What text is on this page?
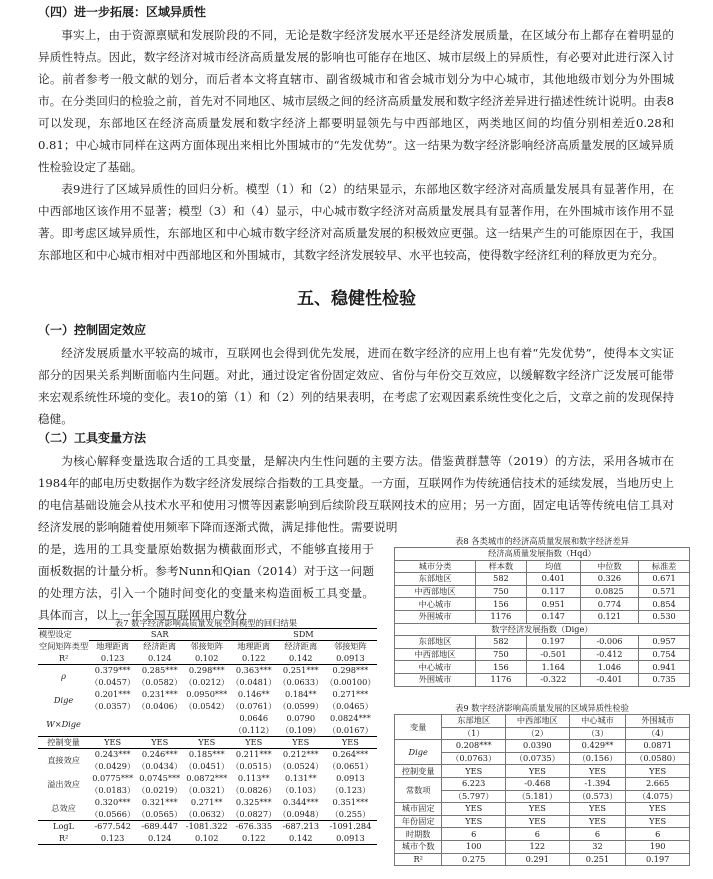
（四）进一步拓展：区域异质性
事实上，由于资源禀赋和发展阶段的不同，无论是数字经济发展水平还是经济发展质量，在区域分布上都存在着明显的异质性特点。因此，数字经济对城市经济高质量发展的影响也可能存在地区、城市层级上的异质性，有必要对此进行深入讨论。前者参考一般文献的划分，而后者本文将直辖市、副省级城市和省会城市划分为中心城市，其他地级市划分为外围城市。在分类回归的检验之前，首先对不同地区、城市层级之间的经济高质量发展和数字经济差异进行描述性统计说明。由表8可以发现，东部地区在经济高质量发展和数字经济上都要明显领先与中西部地区，两类地区间的均值分别相差近0.28和0.81；中心城市同样在这两方面体现出来相比外围城市的“先发优势”。这一结果为数字经济影响经济高质量发展的区域异质性检验设定了基础。
表9进行了区域异质性的回归分析。模型（1）和（2）的结果显示，东部地区数字经济对高质量发展具有显著作用，在中西部地区该作用不显著；模型（3）和（4）显示，中心城市数字经济对高质量发展具有显著作用，在外围城市该作用不显著。即考虑区域异质性，东部地区和中心城市数字经济对高质量发展的积极效应更强。这一结果产生的可能原因在于，我国东部地区和中心城市相对中西部地区和外围城市，其数字经济发展较早、水平也较高，使得数字经济红利的释放更为充分。
五、稳健性检验
（一）控制固定效应
经济发展质量水平较高的城市，互联网也会得到优先发展，进而在数字经济的应用上也有着“先发优势”，使得本文实证部分的因果关系判断面临内生问题。对此，通过设定省份固定效应、省份与年份交互效应，以缓解数字经济广泛发展可能带来宏观系统性环境的变化。表10的第（1）和（2）列的结果表明，在考虑了宏观因素系统性变化之后，文章之前的发现保持稳健。
（二）工具变量方法
为核心解释变量选取合适的工具变量，是解决内生性问题的主要方法。借鉴黄群慧等（2019）的方法，采用各城市在1984年的邮电历史数据作为数字经济发展综合指数的工具变量。一方面，互联网作为传统通信技术的延续发展，当地历史上的电信基础设施会从技术水平和使用习惯等因素影响到后续阶段互联网技术的应用；另一方面，固定电话等传统电信工具对经济发展的影响随着使用频率下降而逐渐式微，满足排他性。需要说明
的是，选用的工具变量原始数据为横截面形式，不能够直接用于面板数据的计量分析。参考Nunn和Qian（2014）对于这一问题的处理方法，引入一个随时间变化的变量来构造面板工具变量。具体而言，以上一年全国互联网用户数分
表7 数字经济影响高质量发展空间模型的回归结果
模型设定	SAR			SDM		
空间矩阵类型	地理距离	经济距离	邻接矩阵	地理距离	经济距离	邻接矩阵
R²	0.123	0.124	0.102	0.122	0.142	0.0913
ρ	0.379***	0.285***	0.298***	0.363***	0.251***	0.298***
	（0.0457）	（0.0582）	（0.0212）	（0.0481）	（0.0633）	（0.00100）
Dige	0.201***	0.231***	0.0950***	0.146**	0.184**	0.271***
	（0.0357）	（0.0406）	（0.0542）	（0.0761）	（0.0599）	（0.0465）
W×Dige				0.0646	0.0790	0.0824***
				（0.112）	（0.109）	（0.0167）
控制变量	YES	YES	YES	YES	YES	YES
直接效应	0.243***	0.246***	0.185***	0.211***	0.212***	0.264***
	（0.0429）	（0.0434）	（0.0451）	（0.0515）	（0.0524）	（0.0651）
溢出效应	0.0775***	0.0745***	0.0872***	0.113**	0.131**	0.0913
	（0.0183）	（0.0219）	（0.0321）	（0.0826）	（0.103）	（0.123）
总效应	0.320***	0.321***	0.271**	0.325***	0.344***	0.351***
	（0.0566）	（0.0565）	（0.0632）	（0.0827）	（0.0948）	（0.255）
LogL	-677.542	-689.447	-1081.322	-676.335	-687.213	-1091.284
R²	0.123	0.124	0.102	0.122	0.142	0.0913
表8 各类城市的经济高质量发展和数字经济差异
经济高质量发展指数（Hqd）				
城市分类	样本数	均值	中位数	标准差
东部地区	582	0.401	0.326	0.671
中西部地区	750	0.117	0.0825	0.571
中心城市	156	0.951	0.774	0.854
外围城市	1176	0.147	0.121	0.530
数字经济发展指数（Dige）				
东部地区	582	0.197	-0.006	0.957
中西部地区	750	-0.501	-0.412	0.754
中心城市	156	1.164	1.046	0.941
外围城市	1176	-0.322	-0.401	0.735
表9 数字经济影响高质量发展的区域异质性检验
变量	东部地区	中西部地区	中心城市	外围城市
	（1）	（2）	（3）	（4）
Dige	0.208***	0.0390	0.429**	0.0871
	（0.0763）	（0.0735）	（0.156）	（0.0580）
控制变量	YES	YES	YES	YES
常数项	6.223	-0.468	-1.394	2.665
	（5.797）	（5.181）	（0.573）	（4.075）
城市固定	YES	YES	YES	YES
年份固定	YES	YES	YES	YES
时期数	6	6	6	6
城市个数	100	122	32	190
R²	0.275	0.291	0.251	0.197
